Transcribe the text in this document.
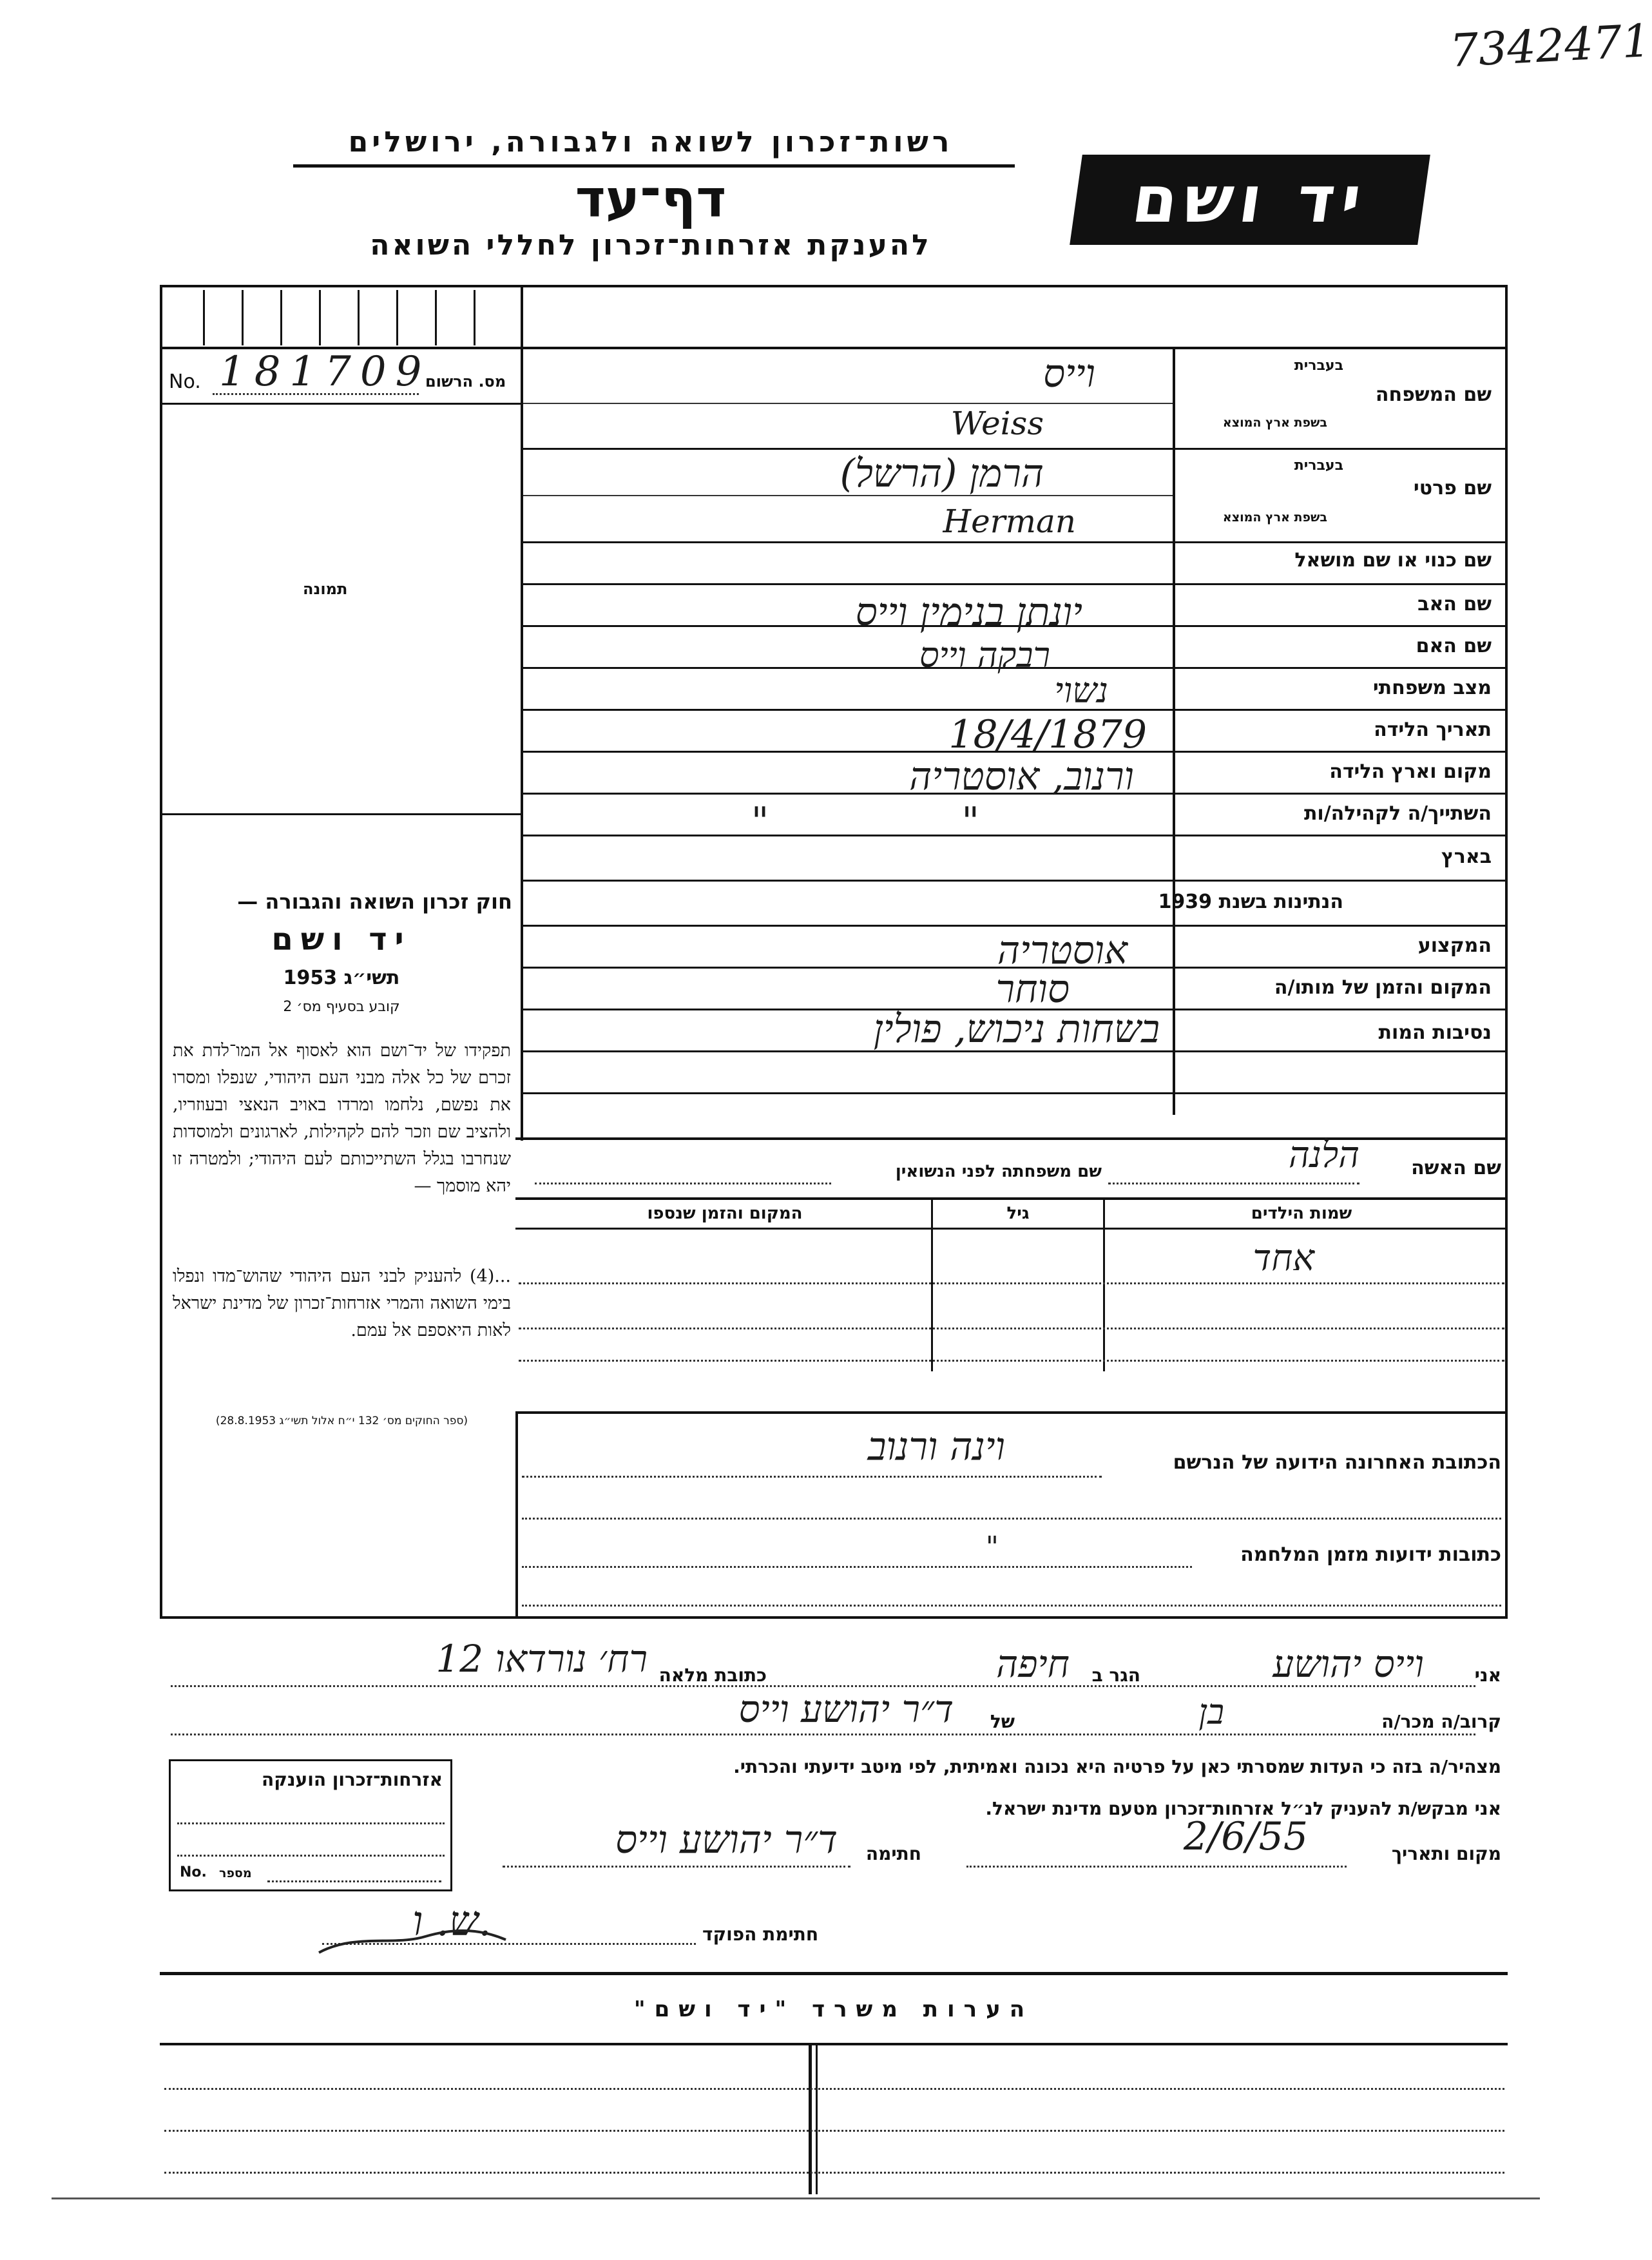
7342471
רשות־זכרון לשואה ולגבורה, ירושלים
דף־עד
להענקת אזרחות־זכרון לחללי השואה
יד ושם
No. 181709
מס. הרשום
תמונה
חוק זכרון השואה והגבורה —
יד ושם
תשי״ג 1953
קובע בסעיף מס׳ 2
תפקידו של יד־ושם הוא לאסוף אל המו־לדת את זכרם של כל אלה מבני העם היהודי, שנפלו ומסרו את נפשם, נלחמו ומרדו באויב הנאצי ובעוזריו, ולהציב שם וזכר להם לקהילות, לארגונים ולמוסדות שנחרבו בגלל השתייכותם לעם היהודי; ולמטרה זו יהא מוסמך —
...(4) להעניק לבני העם היהודי שהוש־מדו ונפלו בימי השואה והמרי אזרחות־זכרון של מדינת ישראל לאות היאספם אל עמם.
(ספר החוקים מס׳ 132 י״ח אלול תשי״ג 28.8.1953)
בעברית
שם המשפחה
בשפת ארץ המוצא
בעברית
שם פרטי
בשפת ארץ המוצא
שם כנוי או שם מושאל
שם האב
שם האם
מצב משפחתי
תאריך הלידה
מקום וארץ הלידה
השתייך/ה לקהילה/ות
בארץ
הנתינות בשנת 1939
המקצוע
המקום והזמן של מותו/ה
נסיבות המות
וייס
Weiss
הרמן (הרשל)
Herman
יונתן בנימין וייס
רבקה וייס
נשוי
18/4/1879
ורנוב, אוסטריה
" "
אוסטריה
סוחר
בשחות ניכוש, פולין
שם האשה
הלנה
שם משפחתה לפני הנשואין
שמות הילדים
גיל
המקום והזמן שנספו
אחד
הכתובת האחרונה הידועה של הנרשם
וינה ורנוב
כתובות ידועות מזמן המלחמה
"
אני
וייס יהושע
הגר ב
חיפה
כתובת מלאה
רח׳ נורדאו 12
קרוב/ה מכר/ה
בן
של
ד״ר יהושע וייס
מצהיר/ה בזה כי העדות שמסרתי כאן על פרטיה היא נכונה ואמיתית, לפי מיטב ידיעתי והכרתי.
אני מבקש/ת להעניק לנ״ל אזרחות־זכרון מטעם מדינת ישראל.
מקום ותאריך
2/6/55
חתימה
ד״ר יהושע וייס
אזרחות־זכרון הוענקה
No. מספר
חתימת הפוקד
ש. ו.
הערות משרד "יד ושם"
